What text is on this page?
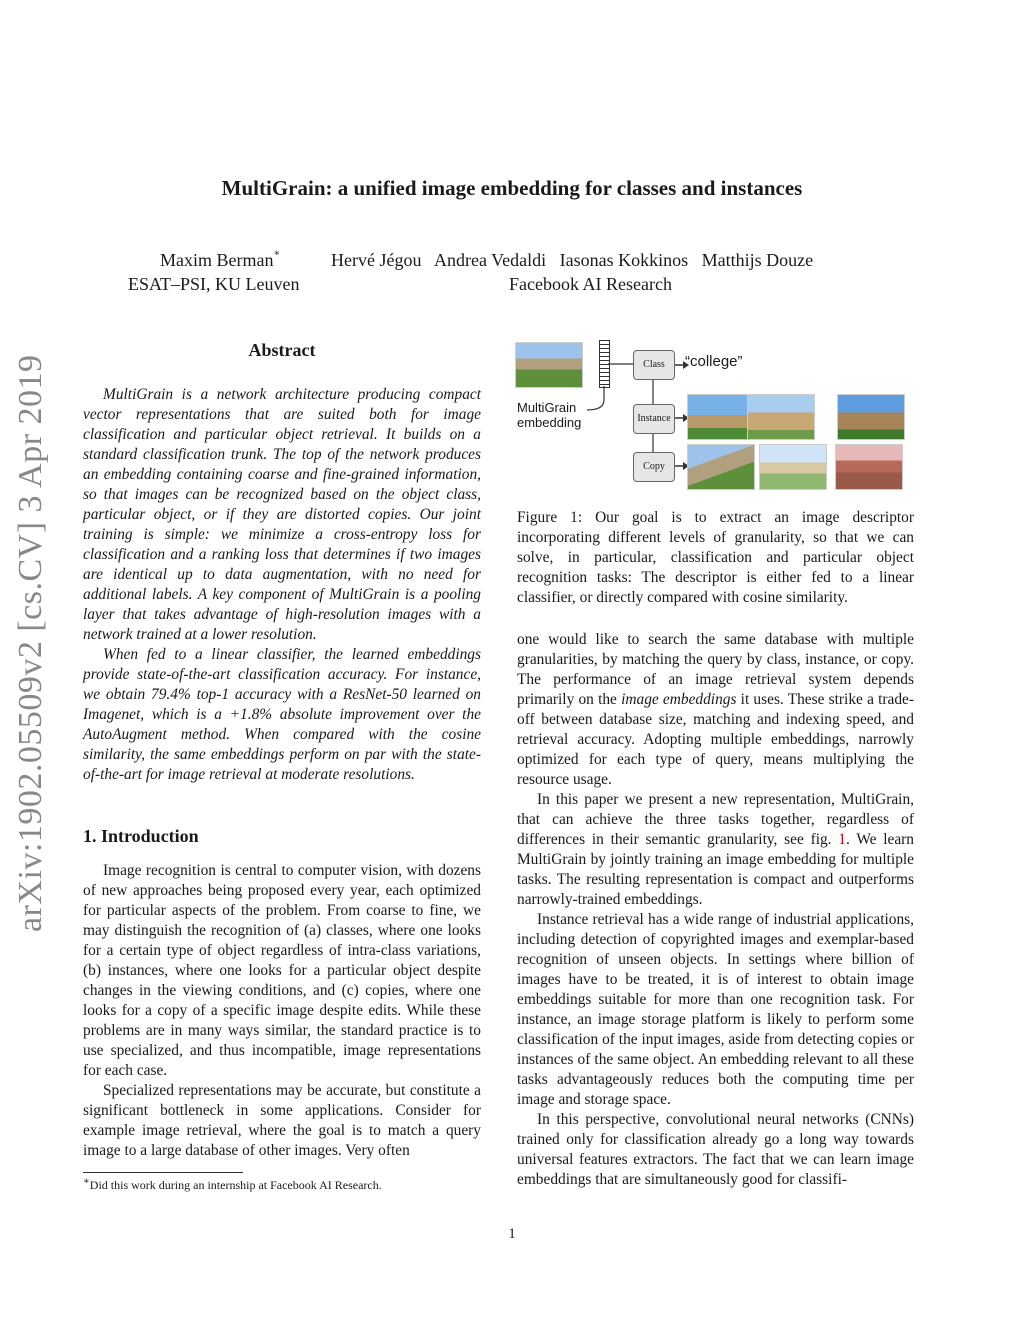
MultiGrain: a unified image embedding for classes and instances
Maxim Berman∗	Hervé Jégou   Andrea Vedaldi   Iasonas Kokkinos   Matthijs Douze
ESAT–PSI, KU Leuven	Facebook AI Research
arXiv:1902.05509v2 [cs.CV] 3 Apr 2019
Abstract

MultiGrain is a network architecture producing compact vector representations that are suited both for image classification and particular object retrieval. It builds on a standard classification trunk. The top of the network produces an embedding containing coarse and fine-grained information, so that images can be recognized based on the object class, particular object, or if they are distorted copies. Our joint training is simple: we minimize a cross-entropy loss for classification and a ranking loss that determines if two images are identical up to data augmentation, with no need for additional labels. A key component of MultiGrain is a pooling layer that takes advantage of high-resolution images with a network trained at a lower resolution.

When fed to a linear classifier, the learned embeddings provide state-of-the-art classification accuracy. For instance, we obtain 79.4% top-1 accuracy with a ResNet-50 learned on Imagenet, which is a +1.8% absolute improvement over the AutoAugment method. When compared with the cosine similarity, the same embeddings perform on par with the state-of-the-art for image retrieval at moderate resolutions.

1. Introduction

Image recognition is central to computer vision, with dozens of new approaches being proposed every year, each optimized for particular aspects of the problem. From coarse to fine, we may distinguish the recognition of (a) classes, where one looks for a certain type of object regardless of intra-class variations, (b) instances, where one looks for a particular object despite changes in the viewing conditions, and (c) copies, where one looks for a copy of a specific image despite edits. While these problems are in many ways similar, the standard practice is to use specialized, and thus incompatible, image representations for each case.

Specialized representations may be accurate, but constitute a significant bottleneck in some applications. Consider for example image retrieval, where the goal is to match a query image to a large database of other images. Very often

∗Did this work during an internship at Facebook AI Research.
MultiGrain
embedding
Class
Instance
Copy
“college”
Figure 1: Our goal is to extract an image descriptor incorporating different levels of granularity, so that we can solve, in particular, classification and particular object recognition tasks: The descriptor is either fed to a linear classifier, or directly compared with cosine similarity.

one would like to search the same database with multiple granularities, by matching the query by class, instance, or copy. The performance of an image retrieval system depends primarily on the image embeddings it uses. These strike a trade-off between database size, matching and indexing speed, and retrieval accuracy. Adopting multiple embeddings, narrowly optimized for each type of query, means multiplying the resource usage.

In this paper we present a new representation, MultiGrain, that can achieve the three tasks together, regardless of differences in their semantic granularity, see fig. 1. We learn MultiGrain by jointly training an image embedding for multiple tasks. The resulting representation is compact and outperforms narrowly-trained embeddings.

Instance retrieval has a wide range of industrial applications, including detection of copyrighted images and exemplar-based recognition of unseen objects. In settings where billion of images have to be treated, it is of interest to obtain image embeddings suitable for more than one recognition task. For instance, an image storage platform is likely to perform some classification of the input images, aside from detecting copies or instances of the same object. An embedding relevant to all these tasks advantageously reduces both the computing time per image and storage space.

In this perspective, convolutional neural networks (CNNs) trained only for classification already go a long way towards universal features extractors. The fact that we can learn image embeddings that are simultaneously good for classifi-

1
